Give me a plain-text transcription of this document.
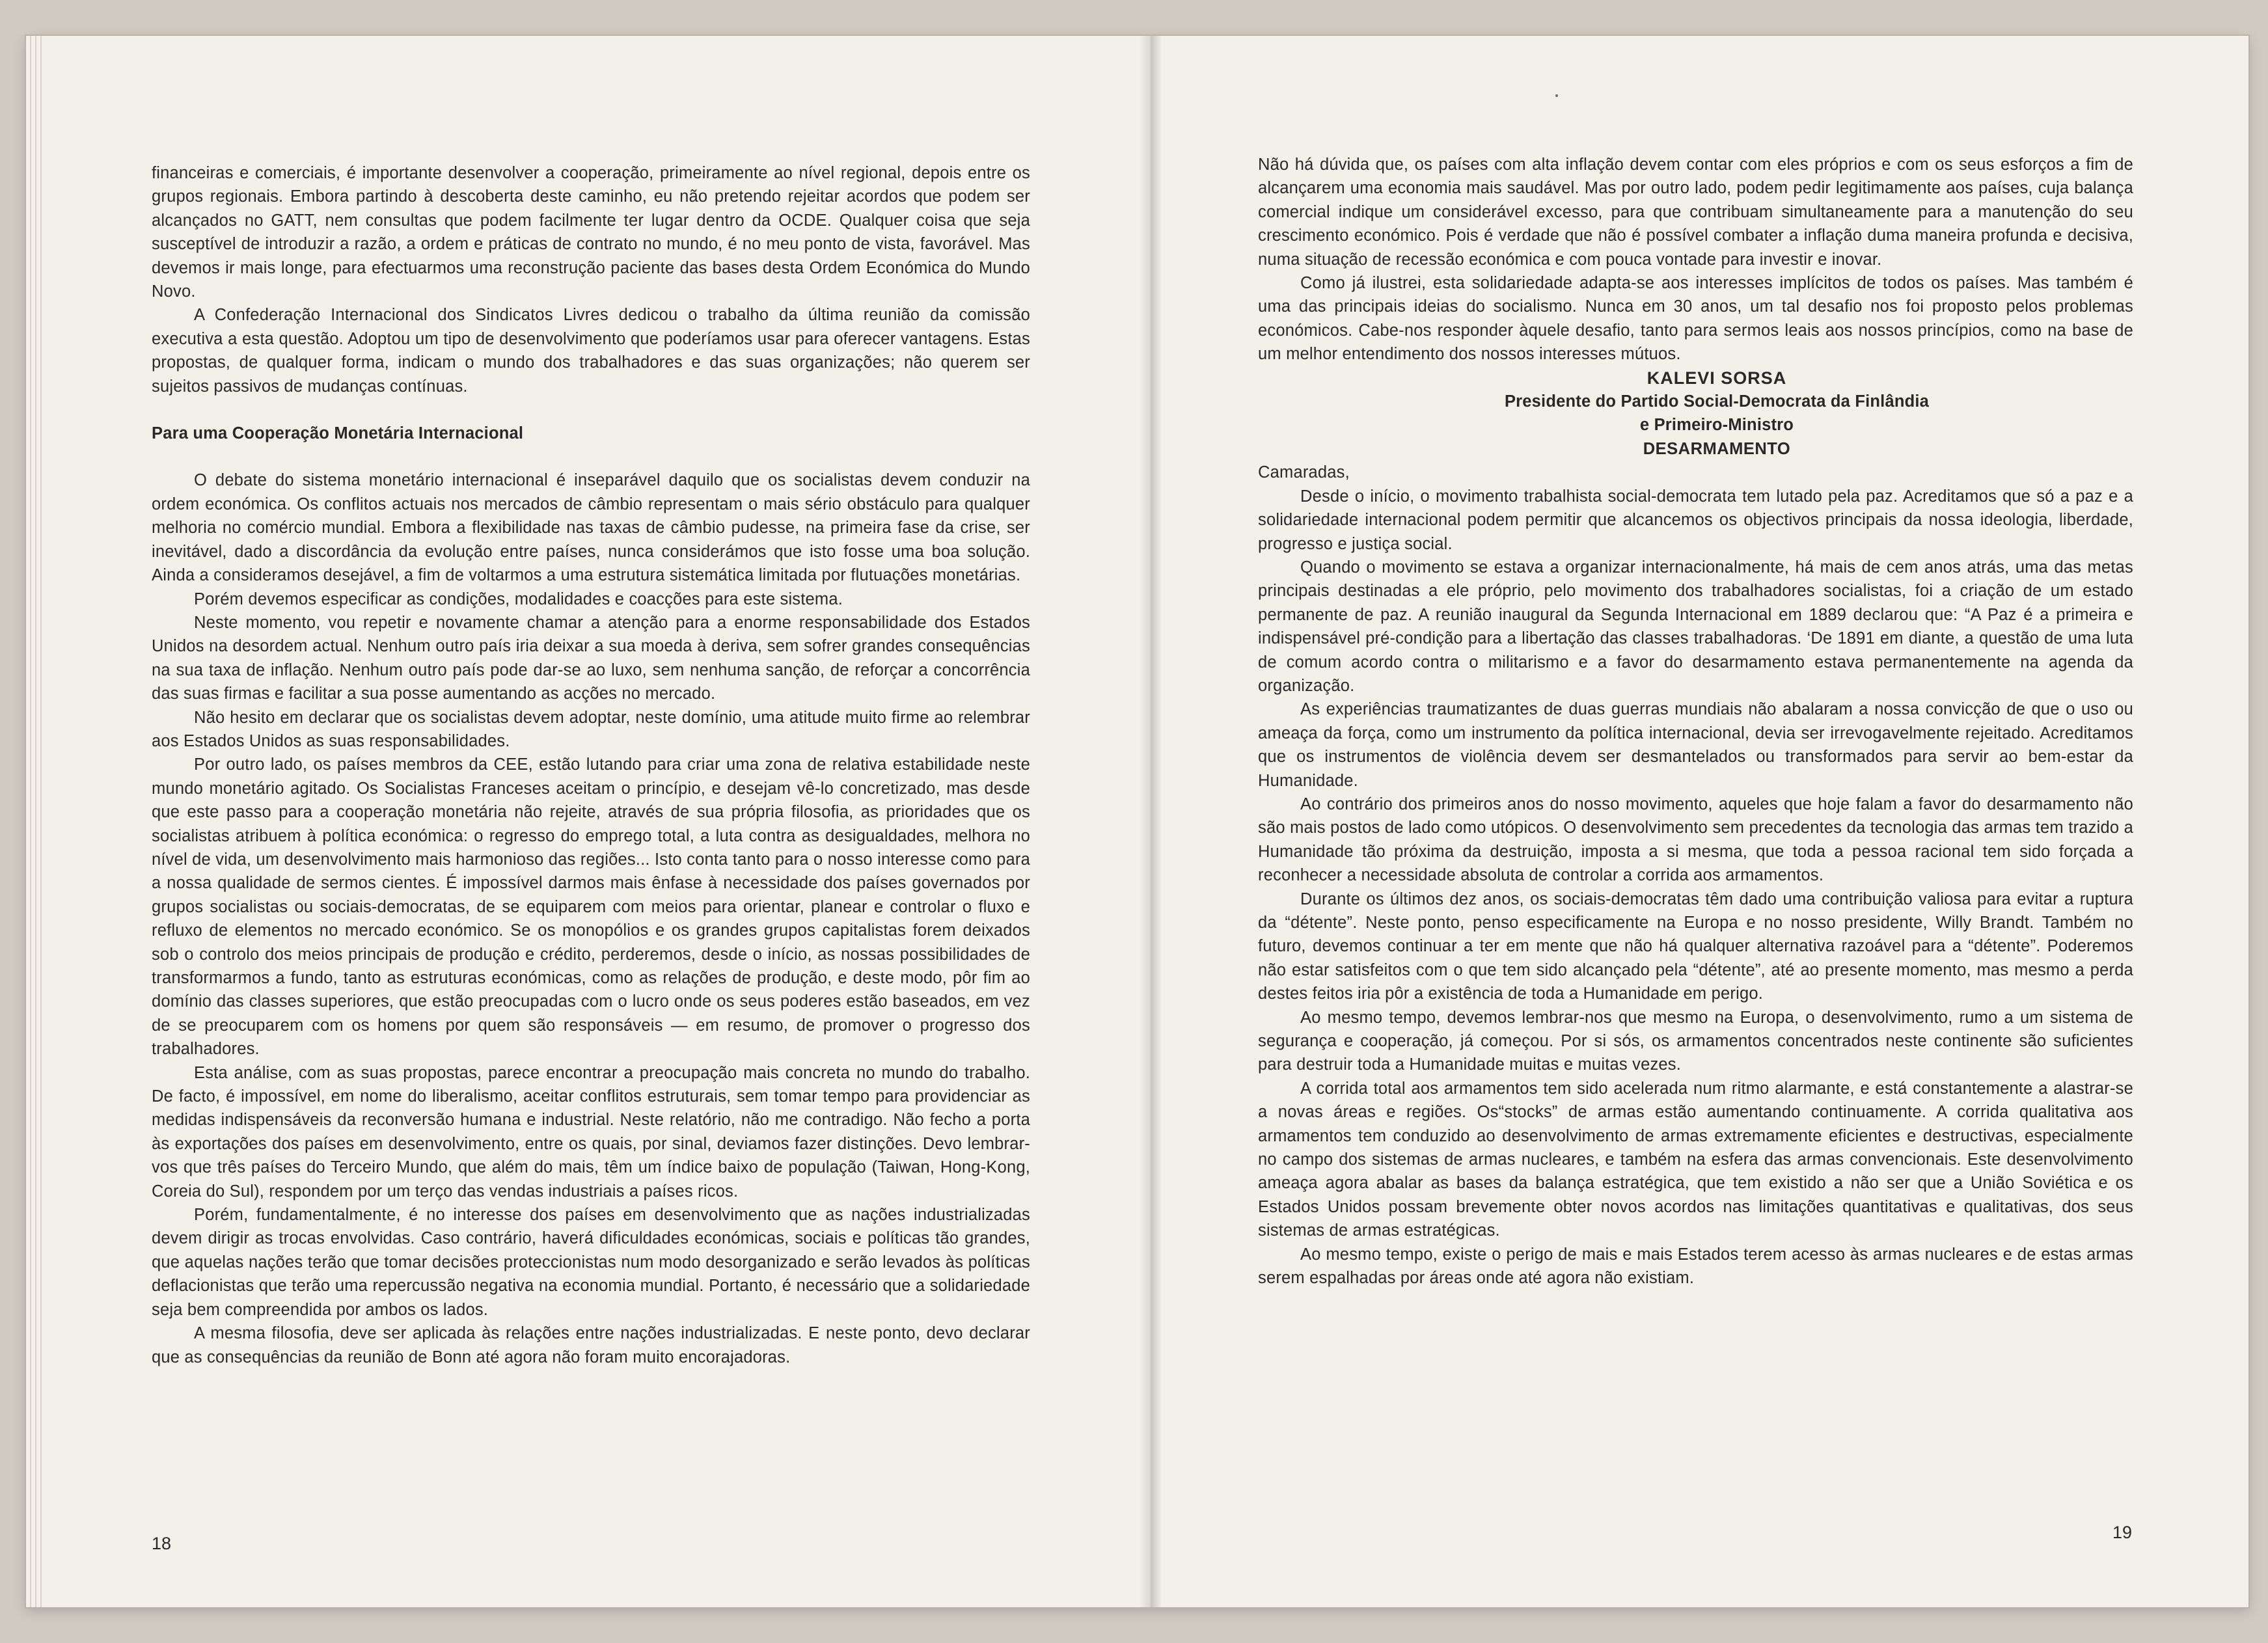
financeiras e comerciais, é importante desenvolver a cooperação, primeiramente ao nível regional, depois entre os grupos regionais. Embora partindo à descoberta deste caminho, eu não pretendo rejeitar acordos que podem ser alcançados no GATT, nem consultas que podem facilmente ter lugar dentro da OCDE. Qualquer coisa que seja susceptível de introduzir a razão, a ordem e práticas de contrato no mundo, é no meu ponto de vista, favorável. Mas devemos ir mais longe, para efectuarmos uma reconstrução paciente das bases desta Ordem Económica do Mundo Novo.

A Confederação Internacional dos Sindicatos Livres dedicou o trabalho da última reunião da comissão executiva a esta questão. Adoptou um tipo de desenvolvimento que poderíamos usar para oferecer vantagens. Estas propostas, de qualquer forma, indicam o mundo dos trabalhadores e das suas organizações; não querem ser sujeitos passivos de mudanças contínuas.

Para uma Cooperação Monetária Internacional

O debate do sistema monetário internacional é inseparável daquilo que os socialistas devem conduzir na ordem económica. Os conflitos actuais nos mercados de câmbio representam o mais sério obstáculo para qualquer melhoria no comércio mundial. Embora a flexibilidade nas taxas de câmbio pudesse, na primeira fase da crise, ser inevitável, dado a discordância da evolução entre países, nunca considerámos que isto fosse uma boa solução. Ainda a consideramos desejável, a fim de voltarmos a uma estrutura sistemática limitada por flutuações monetárias.

Porém devemos especificar as condições, modalidades e coacções para este sistema.

Neste momento, vou repetir e novamente chamar a atenção para a enorme responsabilidade dos Estados Unidos na desordem actual. Nenhum outro país iria deixar a sua moeda à deriva, sem sofrer grandes consequências na sua taxa de inflação. Nenhum outro país pode dar-se ao luxo, sem nenhuma sanção, de reforçar a concorrência das suas firmas e facilitar a sua posse aumentando as acções no mercado.

Não hesito em declarar que os socialistas devem adoptar, neste domínio, uma atitude muito firme ao relembrar aos Estados Unidos as suas responsabilidades.

Por outro lado, os países membros da CEE, estão lutando para criar uma zona de relativa estabilidade neste mundo monetário agitado. Os Socialistas Franceses aceitam o princípio, e desejam vê-lo concretizado, mas desde que este passo para a cooperação monetária não rejeite, através de sua própria filosofia, as prioridades que os socialistas atribuem à política económica: o regresso do emprego total, a luta contra as desigualdades, melhora no nível de vida, um desenvolvimento mais harmonioso das regiões... Isto conta tanto para o nosso interesse como para a nossa qualidade de sermos cientes. É impossível darmos mais ênfase à necessidade dos países governados por grupos socialistas ou sociais-democratas, de se equiparem com meios para orientar, planear e controlar o fluxo e refluxo de elementos no mercado económico. Se os monopólios e os grandes grupos capitalistas forem deixados sob o controlo dos meios principais de produção e crédito, perderemos, desde o início, as nossas possibilidades de transformarmos a fundo, tanto as estruturas económicas, como as relações de produção, e deste modo, pôr fim ao domínio das classes superiores, que estão preocupadas com o lucro onde os seus poderes estão baseados, em vez de se preocuparem com os homens por quem são responsáveis — em resumo, de promover o progresso dos trabalhadores.

Esta análise, com as suas propostas, parece encontrar a preocupação mais concreta no mundo do trabalho. De facto, é impossível, em nome do liberalismo, aceitar conflitos estruturais, sem tomar tempo para providenciar as medidas indispensáveis da reconversão humana e industrial. Neste relatório, não me contradigo. Não fecho a porta às exportações dos países em desenvolvimento, entre os quais, por sinal, deviamos fazer distinções. Devo lembrar-vos que três países do Terceiro Mundo, que além do mais, têm um índice baixo de população (Taiwan, Hong-Kong, Coreia do Sul), respondem por um terço das vendas industriais a países ricos.

Porém, fundamentalmente, é no interesse dos países em desenvolvimento que as nações industrializadas devem dirigir as trocas envolvidas. Caso contrário, haverá dificuldades económicas, sociais e políticas tão grandes, que aquelas nações terão que tomar decisões proteccionistas num modo desorganizado e serão levados às políticas deflacionistas que terão uma repercussão negativa na economia mundial. Portanto, é necessário que a solidariedade seja bem compreendida por ambos os lados.

A mesma filosofia, deve ser aplicada às relações entre nações industrializadas. E neste ponto, devo declarar que as consequências da reunião de Bonn até agora não foram muito encorajadoras.

18

Não há dúvida que, os países com alta inflação devem contar com eles próprios e com os seus esforços a fim de alcançarem uma economia mais saudável. Mas por outro lado, podem pedir legitimamente aos países, cuja balança comercial indique um considerável excesso, para que contribuam simultaneamente para a manutenção do seu crescimento económico. Pois é verdade que não é possível combater a inflação duma maneira profunda e decisiva, numa situação de recessão económica e com pouca vontade para investir e inovar.

Como já ilustrei, esta solidariedade adapta-se aos interesses implícitos de todos os países. Mas também é uma das principais ideias do socialismo. Nunca em 30 anos, um tal desafio nos foi proposto pelos problemas económicos. Cabe-nos responder àquele desafio, tanto para sermos leais aos nossos princípios, como na base de um melhor entendimento dos nossos interesses mútuos.

KALEVI SORSA

Presidente do Partido Social-Democrata da Finlândia

e Primeiro-Ministro

DESARMAMENTO

Camaradas,

Desde o início, o movimento trabalhista social-democrata tem lutado pela paz. Acreditamos que só a paz e a solidariedade internacional podem permitir que alcancemos os objectivos principais da nossa ideologia, liberdade, progresso e justiça social.

Quando o movimento se estava a organizar internacionalmente, há mais de cem anos atrás, uma das metas principais destinadas a ele próprio, pelo movimento dos trabalhadores socialistas, foi a criação de um estado permanente de paz. A reunião inaugural da Segunda Internacional em 1889 declarou que: “A Paz é a primeira e indispensável pré-condição para a libertação das classes trabalhadoras. ‘De 1891 em diante, a questão de uma luta de comum acordo contra o militarismo e a favor do desarmamento estava permanentemente na agenda da organização.

As experiências traumatizantes de duas guerras mundiais não abalaram a nossa convicção de que o uso ou ameaça da força, como um instrumento da política internacional, devia ser irrevogavelmente rejeitado. Acreditamos que os instrumentos de violência devem ser desmantelados ou transformados para servir ao bem-estar da Humanidade.

Ao contrário dos primeiros anos do nosso movimento, aqueles que hoje falam a favor do desarmamento não são mais postos de lado como utópicos. O desenvolvimento sem precedentes da tecnologia das armas tem trazido a Humanidade tão próxima da destruição, imposta a si mesma, que toda a pessoa racional tem sido forçada a reconhecer a necessidade absoluta de controlar a corrida aos armamentos.

Durante os últimos dez anos, os sociais-democratas têm dado uma contribuição valiosa para evitar a ruptura da “détente”. Neste ponto, penso especificamente na Europa e no nosso presidente, Willy Brandt. Também no futuro, devemos continuar a ter em mente que não há qualquer alternativa razoável para a “détente”. Poderemos não estar satisfeitos com o que tem sido alcançado pela “détente”, até ao presente momento, mas mesmo a perda destes feitos iria pôr a existência de toda a Humanidade em perigo.

Ao mesmo tempo, devemos lembrar-nos que mesmo na Europa, o desenvolvimento, rumo a um sistema de segurança e cooperação, já começou. Por si sós, os armamentos concentrados neste continente são suficientes para destruir toda a Humanidade muitas e muitas vezes.

A corrida total aos armamentos tem sido acelerada num ritmo alarmante, e está constantemente a alastrar-se a novas áreas e regiões. Os“stocks” de armas estão aumentando continuamente. A corrida qualitativa aos armamentos tem conduzido ao desenvolvimento de armas extremamente eficientes e destructivas, especialmente no campo dos sistemas de armas nucleares, e também na esfera das armas convencionais. Este desenvolvimento ameaça agora abalar as bases da balança estratégica, que tem existido a não ser que a União Soviética e os Estados Unidos possam brevemente obter novos acordos nas limitações quantitativas e qualitativas, dos seus sistemas de armas estratégicas.

Ao mesmo tempo, existe o perigo de mais e mais Estados terem acesso às armas nucleares e de estas armas serem espalhadas por áreas onde até agora não existiam.

19
